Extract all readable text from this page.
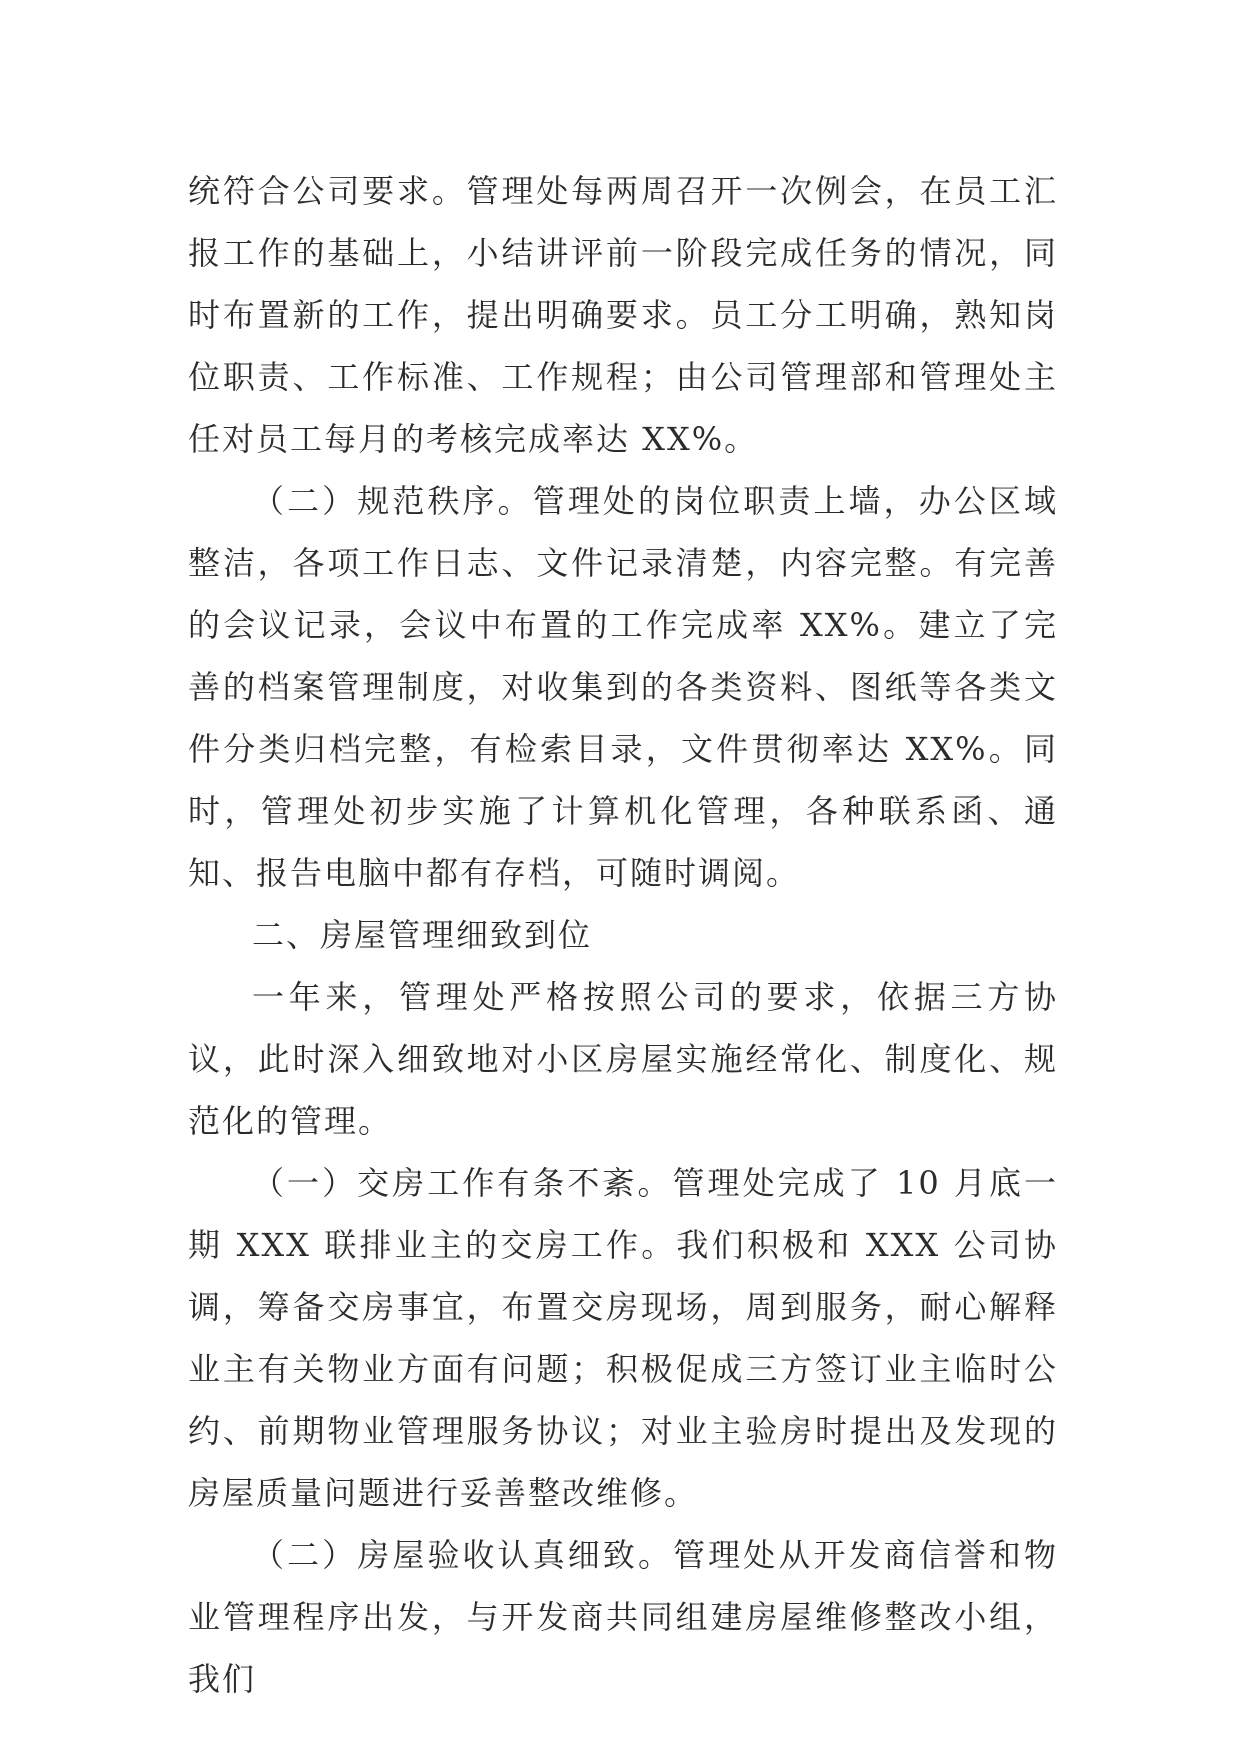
统符合公司要求。管理处每两周召开一次例会，在员工汇报工作的基础上，小结讲评前一阶段完成任务的情况，同时布置新的工作，提出明确要求。员工分工明确，熟知岗位职责、工作标准、工作规程；由公司管理部和管理处主任对员工每月的考核完成率达 XX%。

（二）规范秩序。管理处的岗位职责上墙，办公区域整洁，各项工作日志、文件记录清楚，内容完整。有完善的会议记录，会议中布置的工作完成率 XX%。建立了完善的档案管理制度，对收集到的各类资料、图纸等各类文件分类归档完整，有检索目录，文件贯彻率达 XX%。同时，管理处初步实施了计算机化管理，各种联系函、通知、报告电脑中都有存档，可随时调阅。

二、房屋管理细致到位

一年来，管理处严格按照公司的要求，依据三方协议，此时深入细致地对小区房屋实施经常化、制度化、规范化的管理。

（一）交房工作有条不紊。管理处完成了 10 月底一期 XXX 联排业主的交房工作。我们积极和 XXX 公司协调，筹备交房事宜，布置交房现场，周到服务，耐心解释业主有关物业方面有问题；积极促成三方签订业主临时公约、前期物业管理服务协议；对业主验房时提出及发现的房屋质量问题进行妥善整改维修。

（二）房屋验收认真细致。管理处从开发商信誉和物业管理程序出发，与开发商共同组建房屋维修整改小组，我们
